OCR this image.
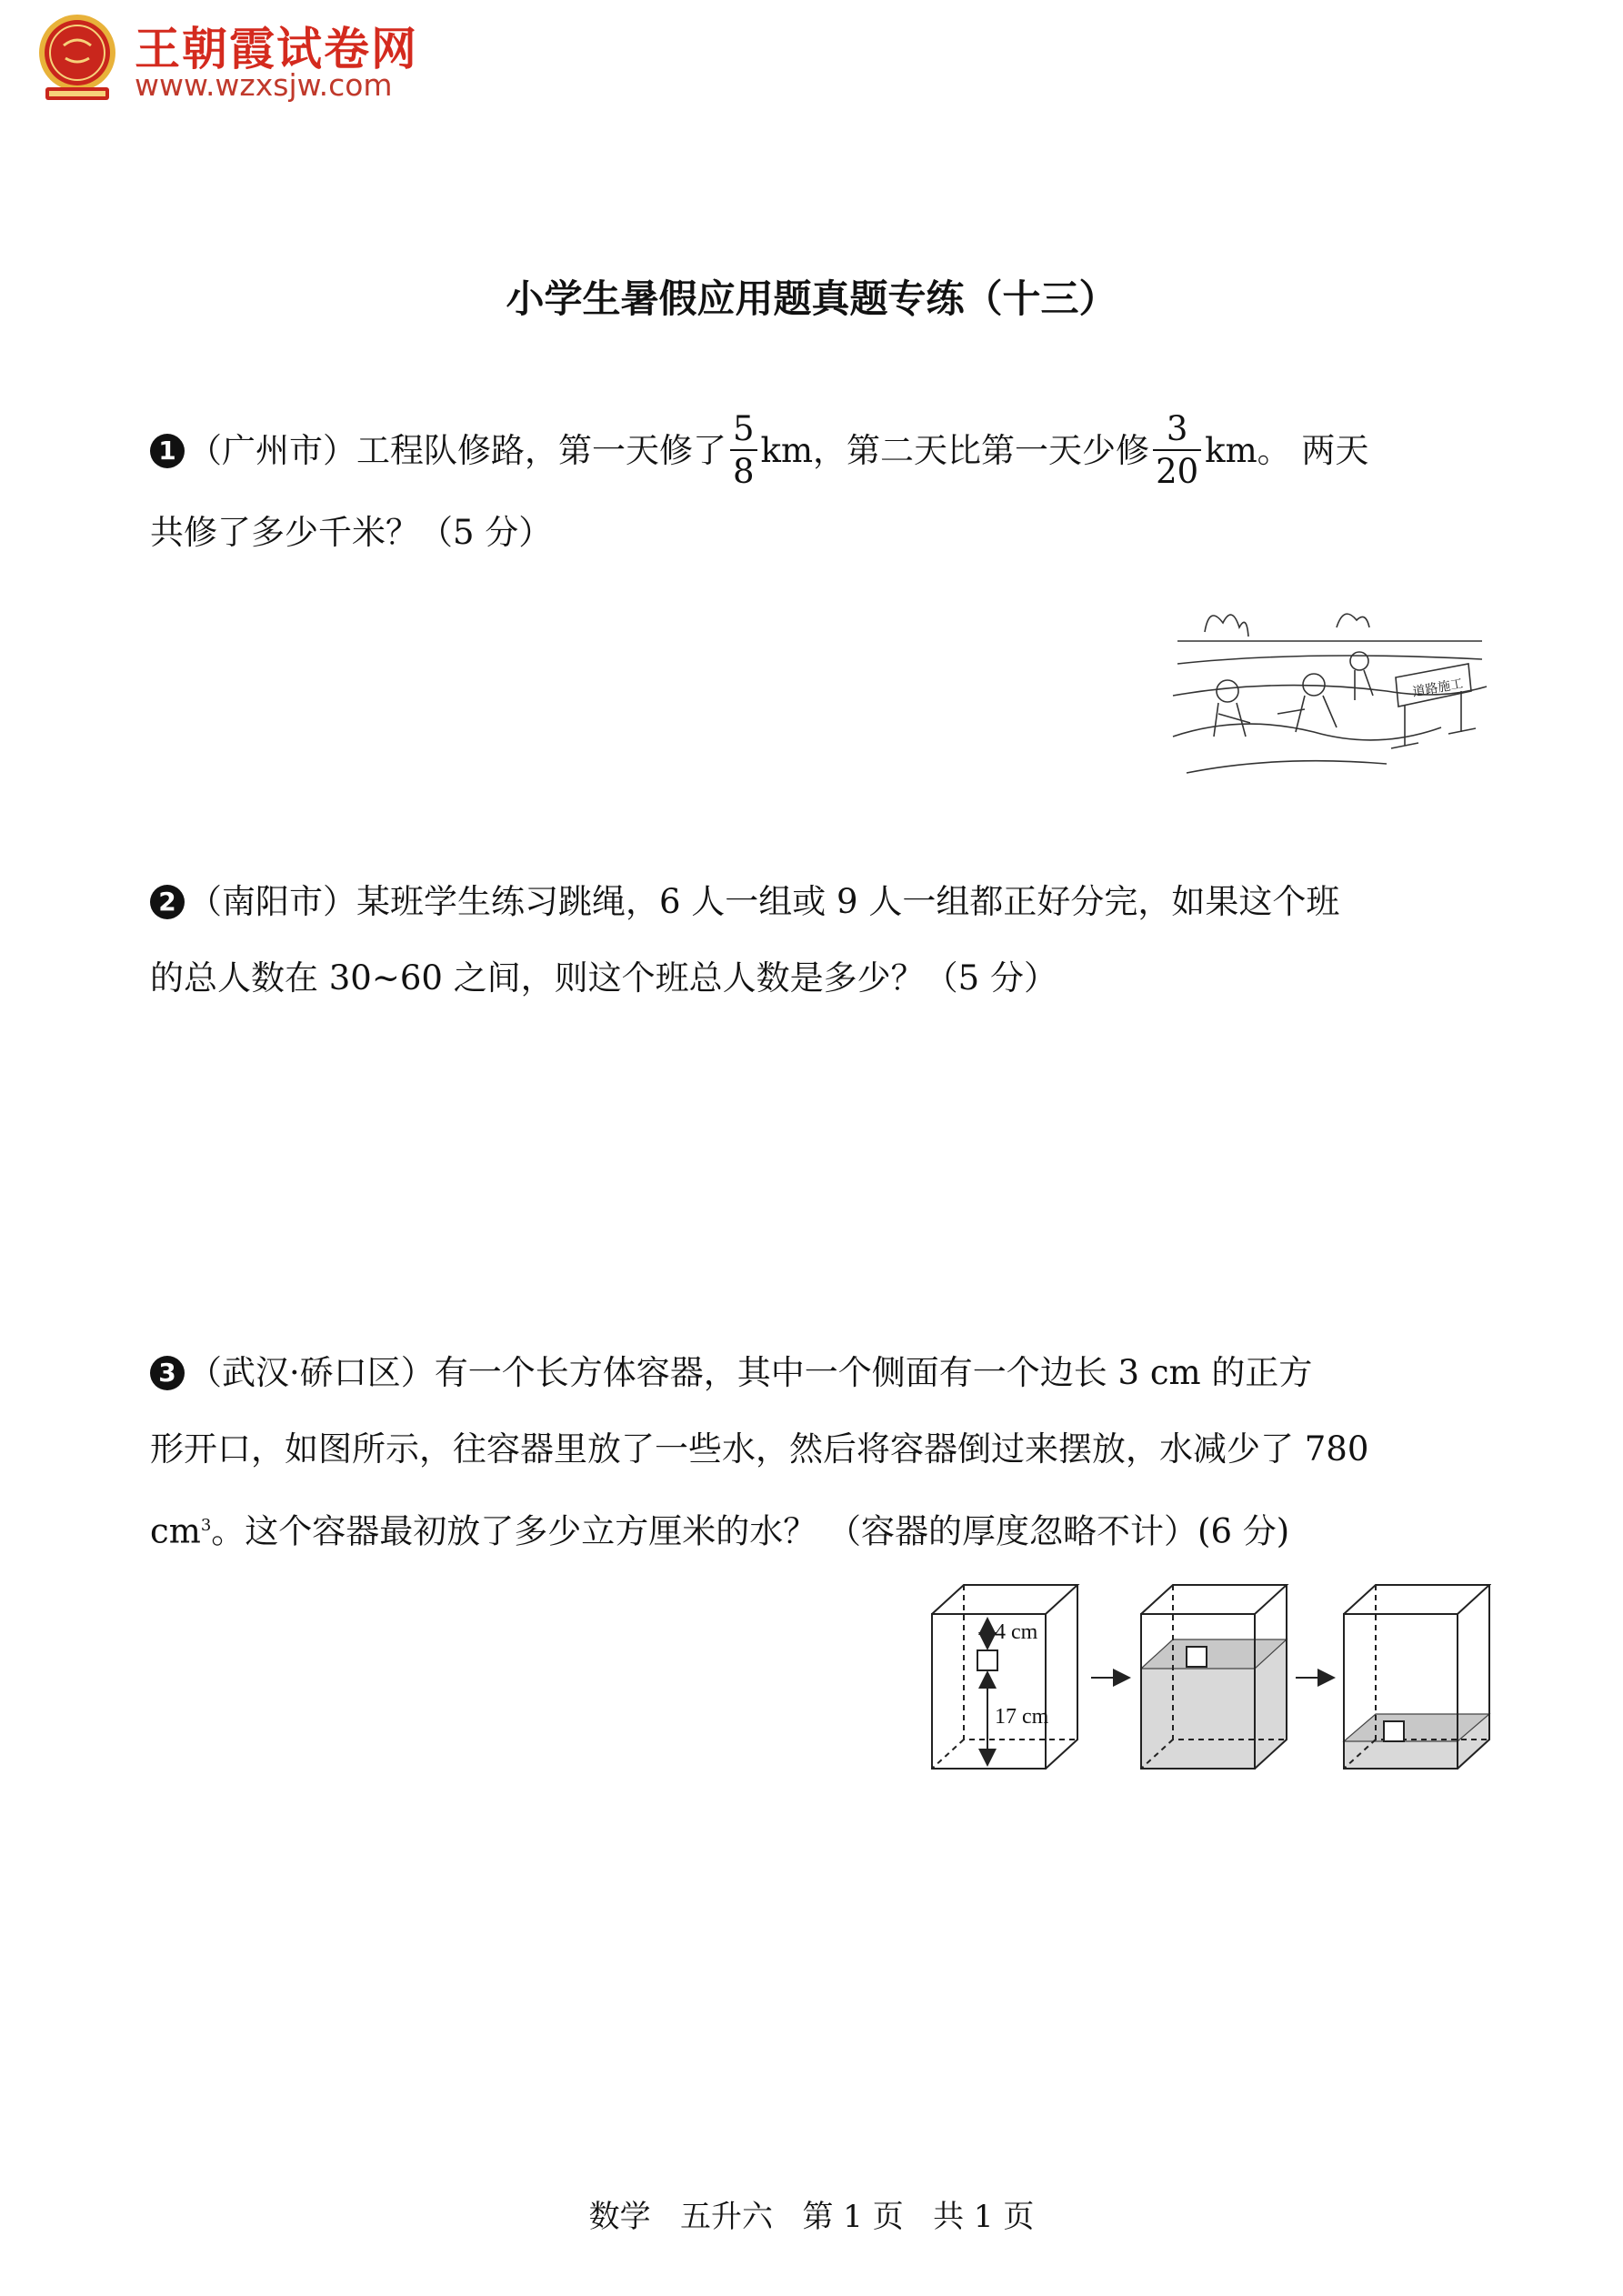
王朝霞试卷网
www.wzxsjw.com
小学生暑假应用题真题专练（十三）
1 （广州市）工程队修路，第一天修了 $\frac{5}{8}$ km，第二天比第一天少修 $\frac{3}{20}$ km。 两天
共修了多少千米？（5 分）
道路施工
2 （南阳市）某班学生练习跳绳，6 人一组或 9 人一组都正好分完，如果这个班
的总人数在 30~60 之间，则这个班总人数是多少？（5 分）
3 （武汉·硚口区）有一个长方体容器，其中一个侧面有一个边长 3 cm 的正方
形开口，如图所示，往容器里放了一些水，然后将容器倒过来摆放，水减少了 780
$cm^3$。这个容器最初放了多少立方厘米的水？ （容器的厚度忽略不计）(6 分)
4 cm
17 cm
数学   五升六   第 1 页   共 1 页
